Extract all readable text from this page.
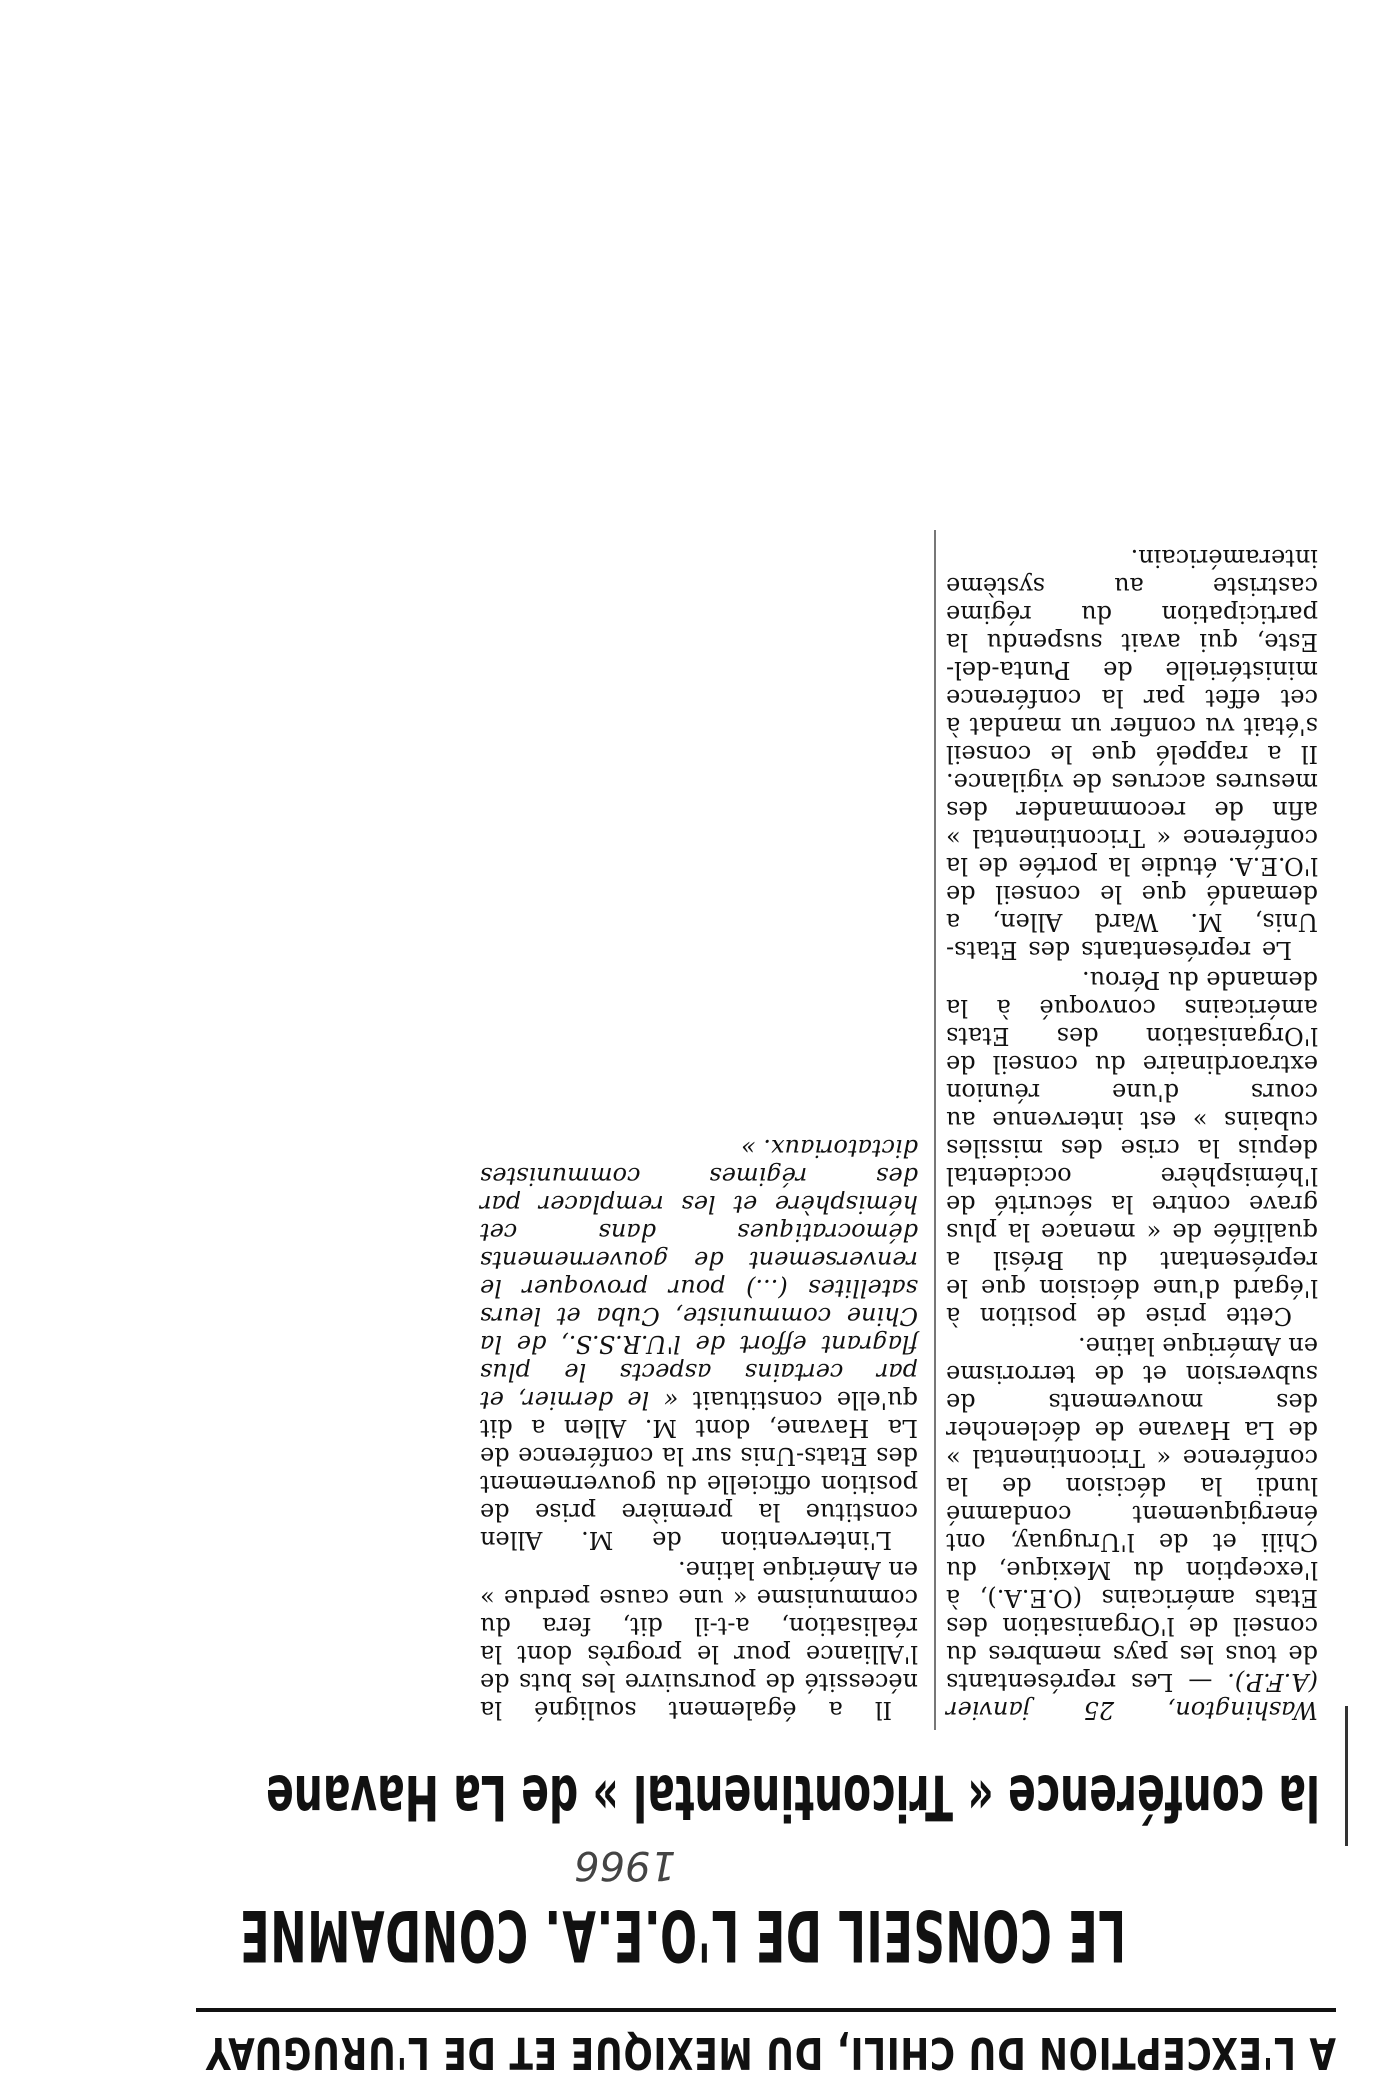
A L'EXCEPTION DU CHILI, DU MEXIQUE ET DE L'URUGUAY
LE CONSEIL DE L'O.E.A. CONDAMNE
1966
la conférence « Tricontinental » de La Havane

Washington, 25 janvier (A.F.P.). — Les représentants de tous les pays membres du conseil de l'Organisation des Etats américains (O.E.A.), à l'exception du Mexique, du Chili et de l'Uruguay, ont énergiquement condamné lundi la décision de la conférence « Tricontinental » de La Havane de déclencher des mouvements de subversion et de terrorisme en Amérique latine.

Cette prise de position à l'égard d'une décision que le représentant du Brésil a qualifiée de « menace la plus grave contre la sécurité de l'hémisphère occidental depuis la crise des missiles cubains » est intervenue au cours d'une réunion extraordinaire du conseil de l'Organisation des Etats américains convoqué à la demande du Pérou.

Le représentants des Etats-Unis, M. Ward Allen, a demandé que le conseil de l'O.E.A. étudie la portée de la conférence « Tricontinental » afin de recommander des mesures accrues de vigilance. Il a rappelé que le conseil s'était vu confier un mandat à cet effet par la conférence ministérielle de Punta-del-Este, qui avait suspendu la participation du régime castriste au système interaméricain.

Il a également souligné la nécessité de poursuivre les buts de l'Alliance pour le progrès dont la réalisation, a-t-il dit, fera du communisme « une cause perdue » en Amérique latine.

L'intervention de M. Allen constitue la première prise de position officielle du gouvernement des Etats-Unis sur la conférence de La Havane, dont M. Allen a dit qu'elle constituait « le dernier, et par certains aspects le plus flagrant effort de l'U.R.S.S., de la Chine communiste, Cuba et leurs satellites (...) pour provoquer le renversement de gouvernements démocratiques dans cet hémisphère et les remplacer par des régimes communistes dictatoriaux. »
